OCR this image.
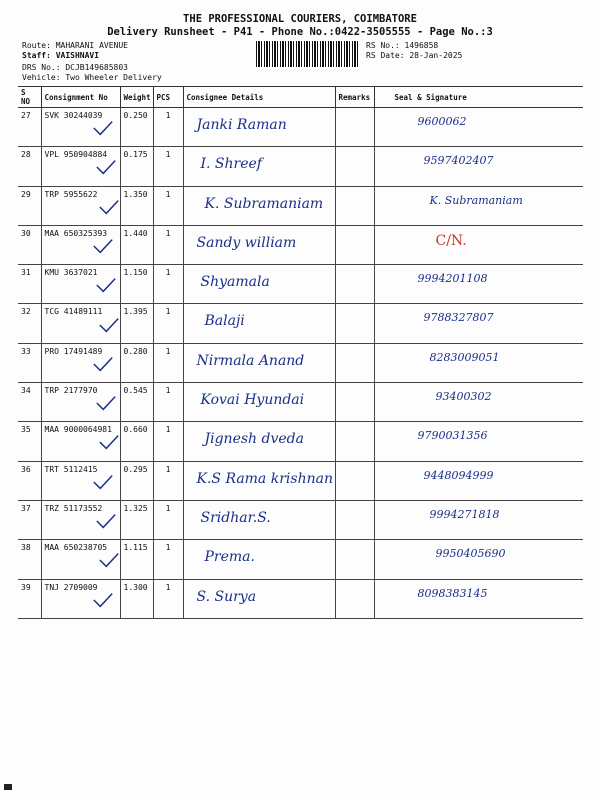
THE PROFESSIONAL COURIERS, COIMBATORE
Delivery Runsheet - P41 - Phone No.:0422-3505555 - Page No.:3
Route: MAHARANI AVENUE
Staff: VAISHNAVI
DRS No.: DCJB149685803
Vehicle: Two Wheeler Delivery
RS No.: 1496858
RS Date: 28-Jan-2025
S NO	Consignment No	Weight	PCS	Consignee Details	Remarks	Seal & Signature
27	SVK 30244039	0.250	1	Janki Raman		9600062

28	VPL 950904884	0.175	1	I. Shreef		9597402407

29	TRP 5955622	1.350	1	K. Subramaniam		K. Subramaniam

30	MAA 650325393	1.440	1	Sandy william		C/N.

31	KMU 3637021	1.150	1	Shyamala		9994201108

32	TCG 41489111	1.395	1	Balaji		9788327807

33	PRO 17491489	0.280	1	Nirmala Anand		8283009051

34	TRP 2177970	0.545	1	Kovai Hyundai		93400302

35	MAA 9000064981	0.660	1	Jignesh dveda		9790031356

36	TRT 5112415	0.295	1	K.S Rama krishnan		9448094999

37	TRZ 51173552	1.325	1	Sridhar.S.		9994271818

38	MAA 650238705	1.115	1	Prema.		9950405690

39	TNJ 2709009	1.300	1	S. Surya		8098383145
